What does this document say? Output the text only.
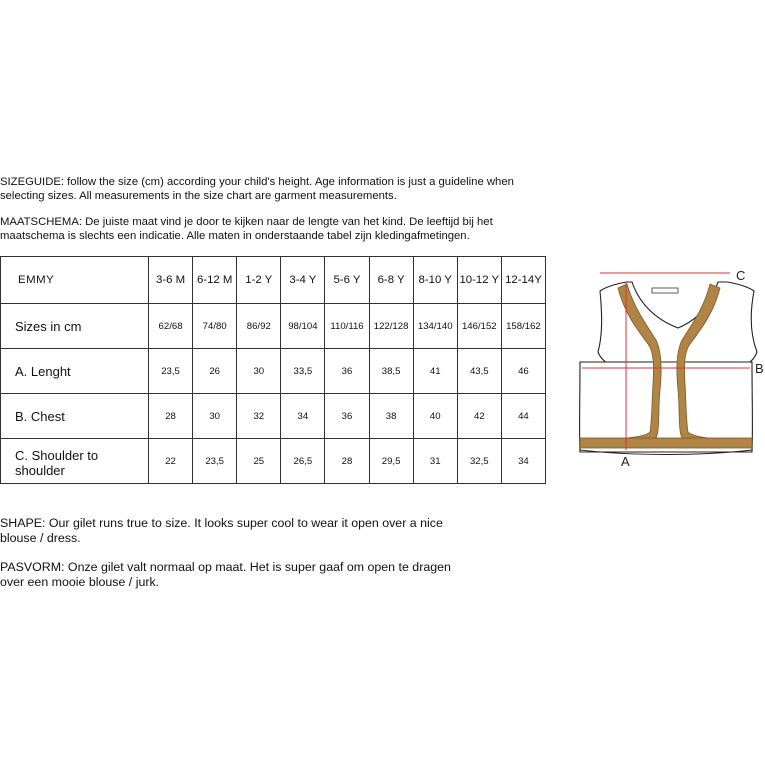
SIZEGUIDE: follow the size (cm) according your child's height. Age information is just a guideline when selecting sizes. All measurements in the size chart are garment measurements.

MAATSCHEMA: De juiste maat vind je door te kijken naar de lengte van het kind. De leeftijd bij het maatschema is slechts een indicatie. Alle maten in onderstaande tabel zijn kledingafmetingen.

EMMY	3-6 M	6-12 M	1-2 Y	3-4 Y	5-6 Y	6-8 Y	8-10 Y	10-12 Y	12-14Y
Sizes in cm	62/68	74/80	86/92	98/104	110/116	122/128	134/140	146/152	158/162
A. Lenght	23,5	26	30	33,5	36	38,5	41	43,5	46
B. Chest	28	30	32	34	36	38	40	42	44
C. Shoulder to shoulder	22	23,5	25	26,5	28	29,5	31	32,5	34
C
B
A

SHAPE: Our gilet runs true to size. It looks super cool to wear it open over a nice blouse / dress.

PASVORM: Onze gilet valt normaal op maat. Het is super gaaf om open te dragen over een mooie blouse / jurk.
